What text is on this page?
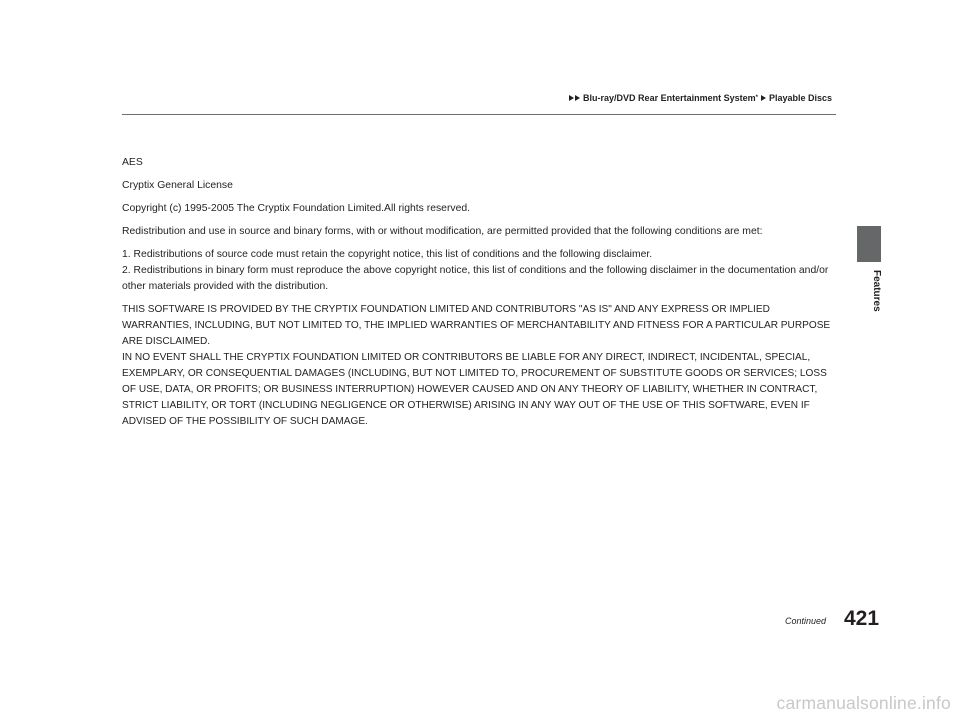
Blu-ray/DVD Rear Entertainment System * Playable Discs
Features

AES

Cryptix General License

Copyright (c) 1995-2005 The Cryptix Foundation Limited.All rights reserved.

Redistribution and use in source and binary forms, with or without modification, are permitted provided that the following conditions are met:

1. Redistributions of source code must retain the copyright notice, this list of conditions and the following disclaimer.

2. Redistributions in binary form must reproduce the above copyright notice, this list of conditions and the following disclaimer in the documentation and/or other materials provided with the distribution.

THIS SOFTWARE IS PROVIDED BY THE CRYPTIX FOUNDATION LIMITED AND CONTRIBUTORS "AS IS" AND ANY EXPRESS OR IMPLIED WARRANTIES, INCLUDING, BUT NOT LIMITED TO, THE IMPLIED WARRANTIES OF MERCHANTABILITY AND FITNESS FOR A PARTICULAR PURPOSE ARE DISCLAIMED.

IN NO EVENT SHALL THE CRYPTIX FOUNDATION LIMITED OR CONTRIBUTORS BE LIABLE FOR ANY DIRECT, INDIRECT, INCIDENTAL, SPECIAL, EXEMPLARY, OR CONSEQUENTIAL DAMAGES (INCLUDING, BUT NOT LIMITED TO, PROCUREMENT OF SUBSTITUTE GOODS OR SERVICES; LOSS OF USE, DATA, OR PROFITS; OR BUSINESS INTERRUPTION) HOWEVER CAUSED AND ON ANY THEORY OF LIABILITY, WHETHER IN CONTRACT, STRICT LIABILITY, OR TORT (INCLUDING NEGLIGENCE OR OTHERWISE) ARISING IN ANY WAY OUT OF THE USE OF THIS SOFTWARE, EVEN IF ADVISED OF THE POSSIBILITY OF SUCH DAMAGE.

Continued 421
carmanualsonline.info
